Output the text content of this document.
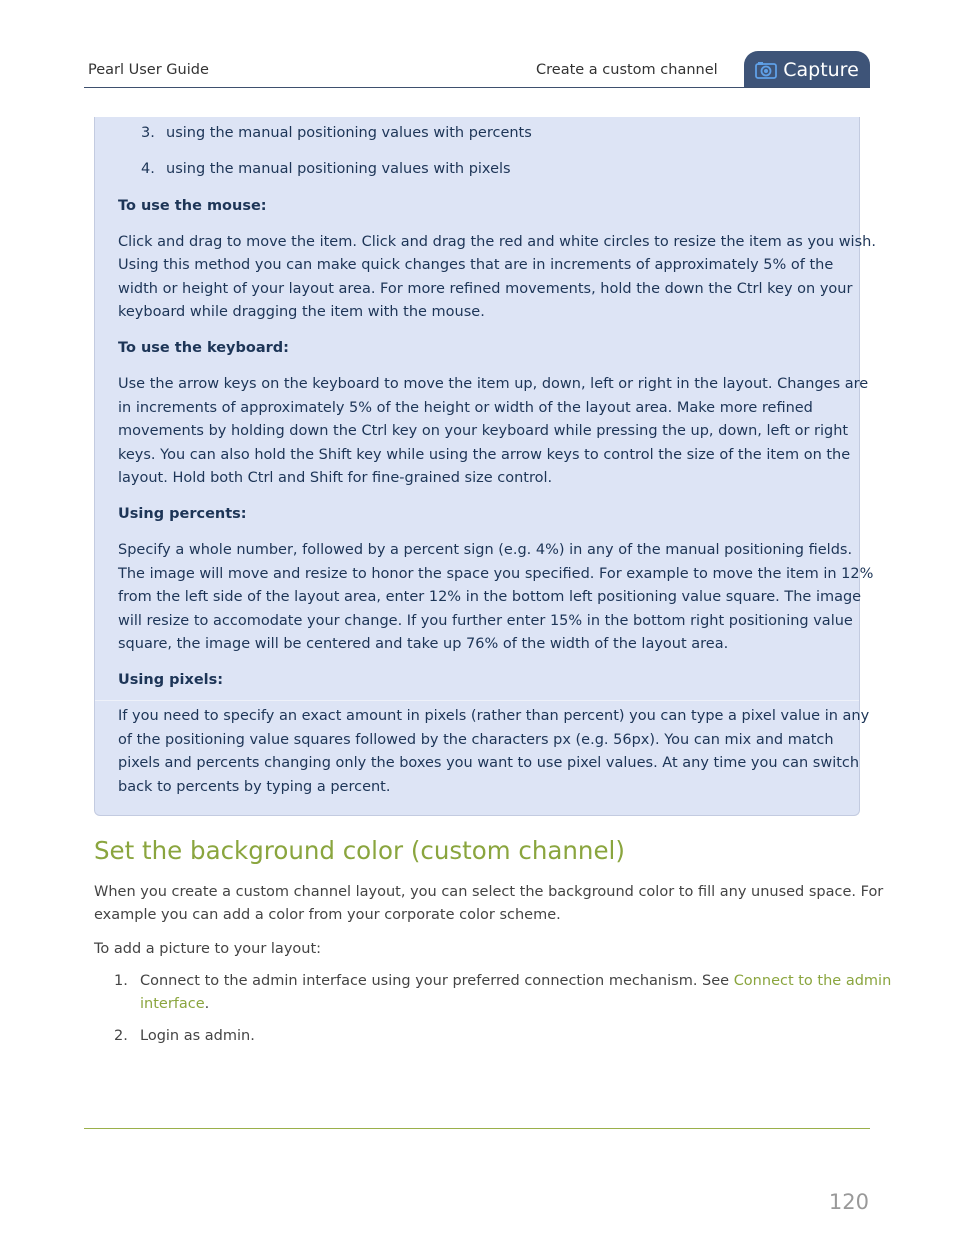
Pearl User Guide	Create a custom channel	Capture
3. using the manual positioning values with percents
4. using the manual positioning values with pixels
To use the mouse:
Click and drag to move the item. Click and drag the red and white circles to resize the item as you wish.
Using this method you can make quick changes that are in increments of approximately 5% of the
width or height of your layout area. For more refined movements, hold the down the Ctrl key on your
keyboard while dragging the item with the mouse.
To use the keyboard:
Use the arrow keys on the keyboard to move the item up, down, left or right in the layout. Changes are
in increments of approximately 5% of the height or width of the layout area. Make more refined
movements by holding down the Ctrl key on your keyboard while pressing the up, down, left or right
keys. You can also hold the Shift key while using the arrow keys to control the size of the item on the
layout. Hold both Ctrl and Shift for fine-grained size control.
Using percents:
Specify a whole number, followed by a percent sign (e.g. 4%) in any of the manual positioning fields.
The image will move and resize to honor the space you specified. For example to move the item in 12%
from the left side of the layout area, enter 12% in the bottom left positioning value square. The image
will resize to accomodate your change. If you further enter 15% in the bottom right positioning value
square, the image will be centered and take up 76% of the width of the layout area.
Using pixels:
If you need to specify an exact amount in pixels (rather than percent) you can type a pixel value in any
of the positioning value squares followed by the characters px (e.g. 56px). You can mix and match
pixels and percents changing only the boxes you want to use pixel values. At any time you can switch
back to percents by typing a percent.
Set the background color (custom channel)
When you create a custom channel layout, you can select the background color to fill any unused space. For
example you can add a color from your corporate color scheme.
To add a picture to your layout:
1. Connect to the admin interface using your preferred connection mechanism. See Connect to the admin
interface.
2. Login as admin.
120
